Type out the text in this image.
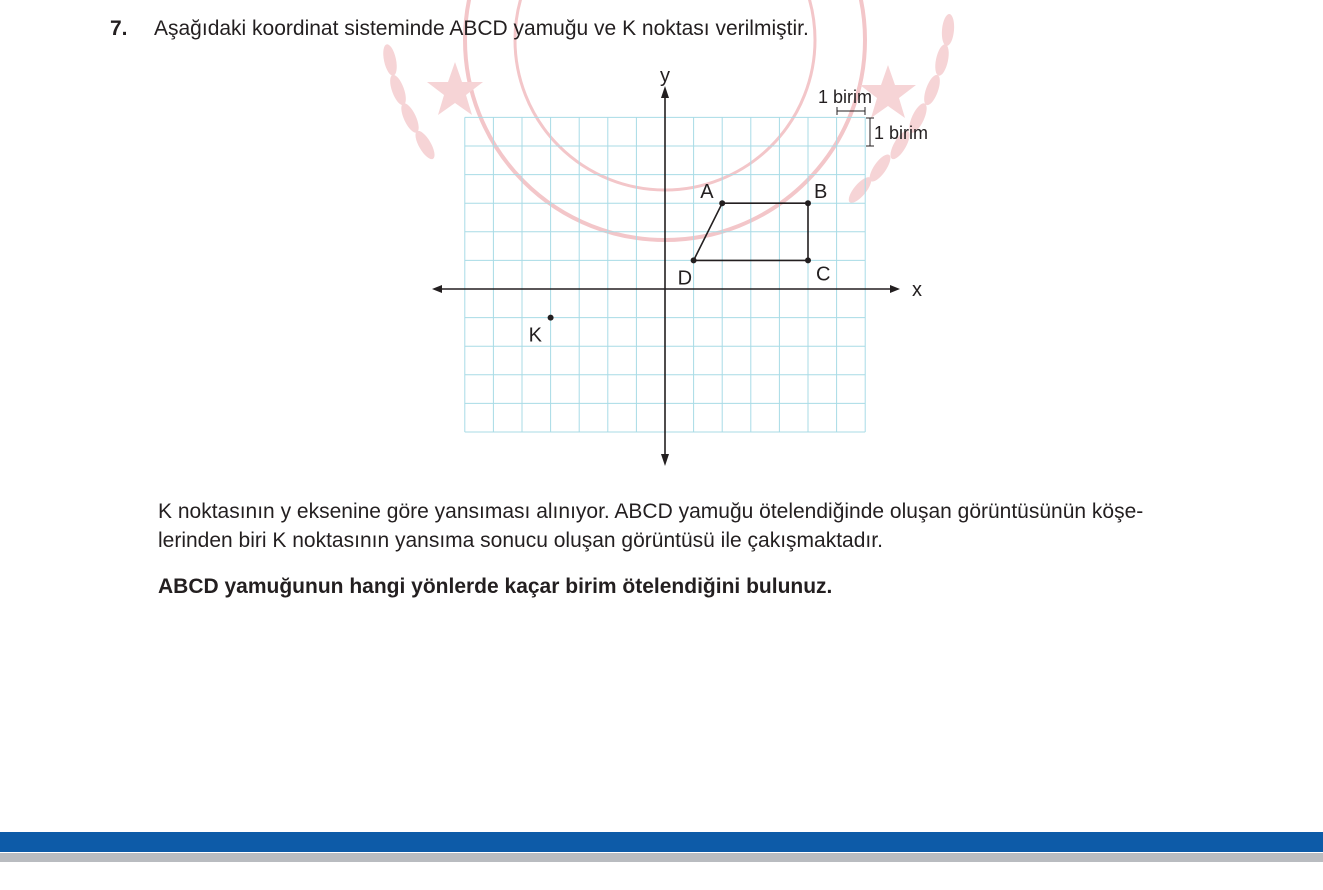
7. Aşağıdaki koordinat sisteminde ABCD yamuğu ve K noktası verilmiştir.
x
y
1 birim
1 birim
A	B
C
D
K

K noktasının y eksenine göre yansıması alınıyor. ABCD yamuğu ötelendiğinde oluşan görüntüsünün köşe-
lerinden biri K noktasının yansıma sonucu oluşan görüntüsü ile çakışmaktadır.

ABCD yamuğunun hangi yönlerde kaçar birim ötelendiğini bulunuz.
